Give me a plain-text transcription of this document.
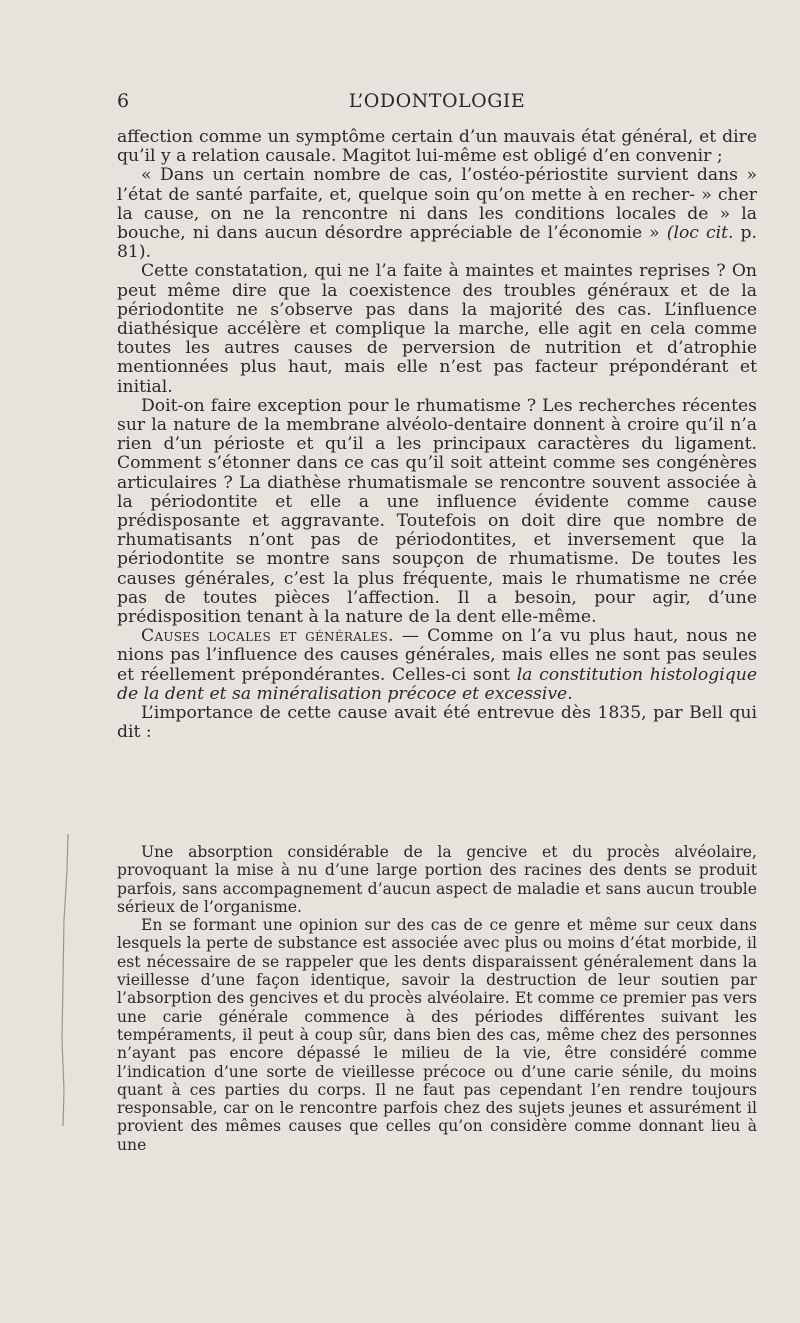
6	L’ODONTOLOGIE

affection comme un symptôme certain d’un mauvais état général, et dire qu’il y a relation causale. Magitot lui-même est obligé d’en convenir ;

« Dans un certain nombre de cas, l’ostéo-périostite survient dans » l’état de santé parfaite, et, quelque soin qu’on mette à en recher- » cher la cause, on ne la rencontre ni dans les conditions locales de » la bouche, ni dans aucun désordre appréciable de l’économie » (loc cit. p. 81).

Cette constatation, qui ne l’a faite à maintes et maintes reprises ? On peut même dire que la coexistence des troubles généraux et de la périodontite ne s’observe pas dans la majorité des cas. L’influence diathésique accélère et complique la marche, elle agit en cela comme toutes les autres causes de perversion de nutrition et d’atrophie mentionnées plus haut, mais elle n’est pas facteur prépondérant et initial.

Doit-on faire exception pour le rhumatisme ? Les recherches récentes sur la nature de la membrane alvéolo-dentaire donnent à croire qu’il n’a rien d’un périoste et qu’il a les principaux caractères du ligament. Comment s’étonner dans ce cas qu’il soit atteint comme ses congénères articulaires ? La diathèse rhumatismale se rencontre souvent associée à la périodontite et elle a une influence évidente comme cause prédisposante et aggravante. Toutefois on doit dire que nombre de rhumatisants n’ont pas de périodontites, et inversement que la périodontite se montre sans soupçon de rhumatisme. De toutes les causes générales, c’est la plus fréquente, mais le rhumatisme ne crée pas de toutes pièces l’affection. Il a besoin, pour agir, d’une prédisposition tenant à la nature de la dent elle-même.

Causes locales et générales. — Comme on l’a vu plus haut, nous ne nions pas l’influence des causes générales, mais elles ne sont pas seules et réellement prépondérantes. Celles-ci sont la constitution histologique de la dent et sa minéralisation précoce et excessive.

L’importance de cette cause avait été entrevue dès 1835, par Bell qui dit :

Une absorption considérable de la gencive et du procès alvéolaire, provoquant la mise à nu d’une large portion des racines des dents se produit parfois, sans accompagnement d’aucun aspect de maladie et sans aucun trouble sérieux de l’organisme.

En se formant une opinion sur des cas de ce genre et même sur ceux dans lesquels la perte de substance est associée avec plus ou moins d’état morbide, il est nécessaire de se rappeler que les dents disparaissent généralement dans la vieillesse d’une façon identique, savoir la destruction de leur soutien par l’absorption des gencives et du procès alvéolaire. Et comme ce premier pas vers une carie générale commence à des périodes différentes suivant les tempéraments, il peut à coup sûr, dans bien des cas, même chez des personnes n’ayant pas encore dépassé le milieu de la vie, être considéré comme l’indication d’une sorte de vieillesse précoce ou d’une carie sénile, du moins quant à ces parties du corps. Il ne faut pas cependant l’en rendre toujours responsable, car on le rencontre parfois chez des sujets jeunes et assurément il provient des mêmes causes que celles qu’on considère comme donnant lieu à une
